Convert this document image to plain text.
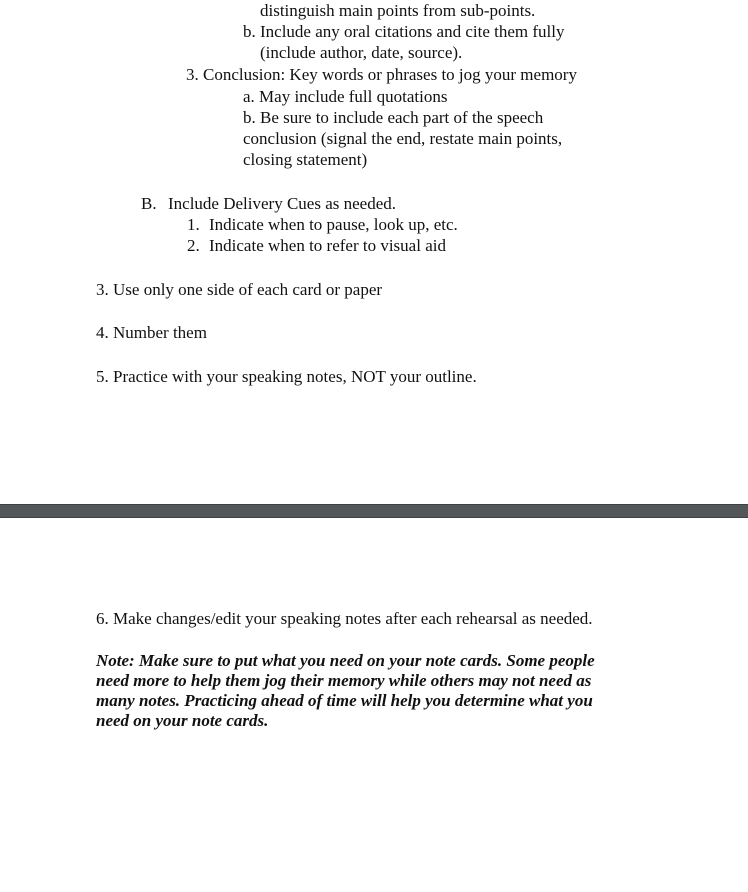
distinguish main points from sub-points.
b. Include any oral citations and cite them fully
(include author, date, source).
3. Conclusion: Key words or phrases to jog your memory
a. May include full quotations
b. Be sure to include each part of the speech
conclusion (signal the end, restate main points,
closing statement)
B. Include Delivery Cues as needed.
1. Indicate when to pause, look up, etc.
2. Indicate when to refer to visual aid
3. Use only one side of each card or paper
4. Number them
5. Practice with your speaking notes, NOT your outline.
6. Make changes/edit your speaking notes after each rehearsal as needed.
Note: Make sure to put what you need on your note cards. Some people
need more to help them jog their memory while others may not need as
many notes. Practicing ahead of time will help you determine what you
need on your note cards.
